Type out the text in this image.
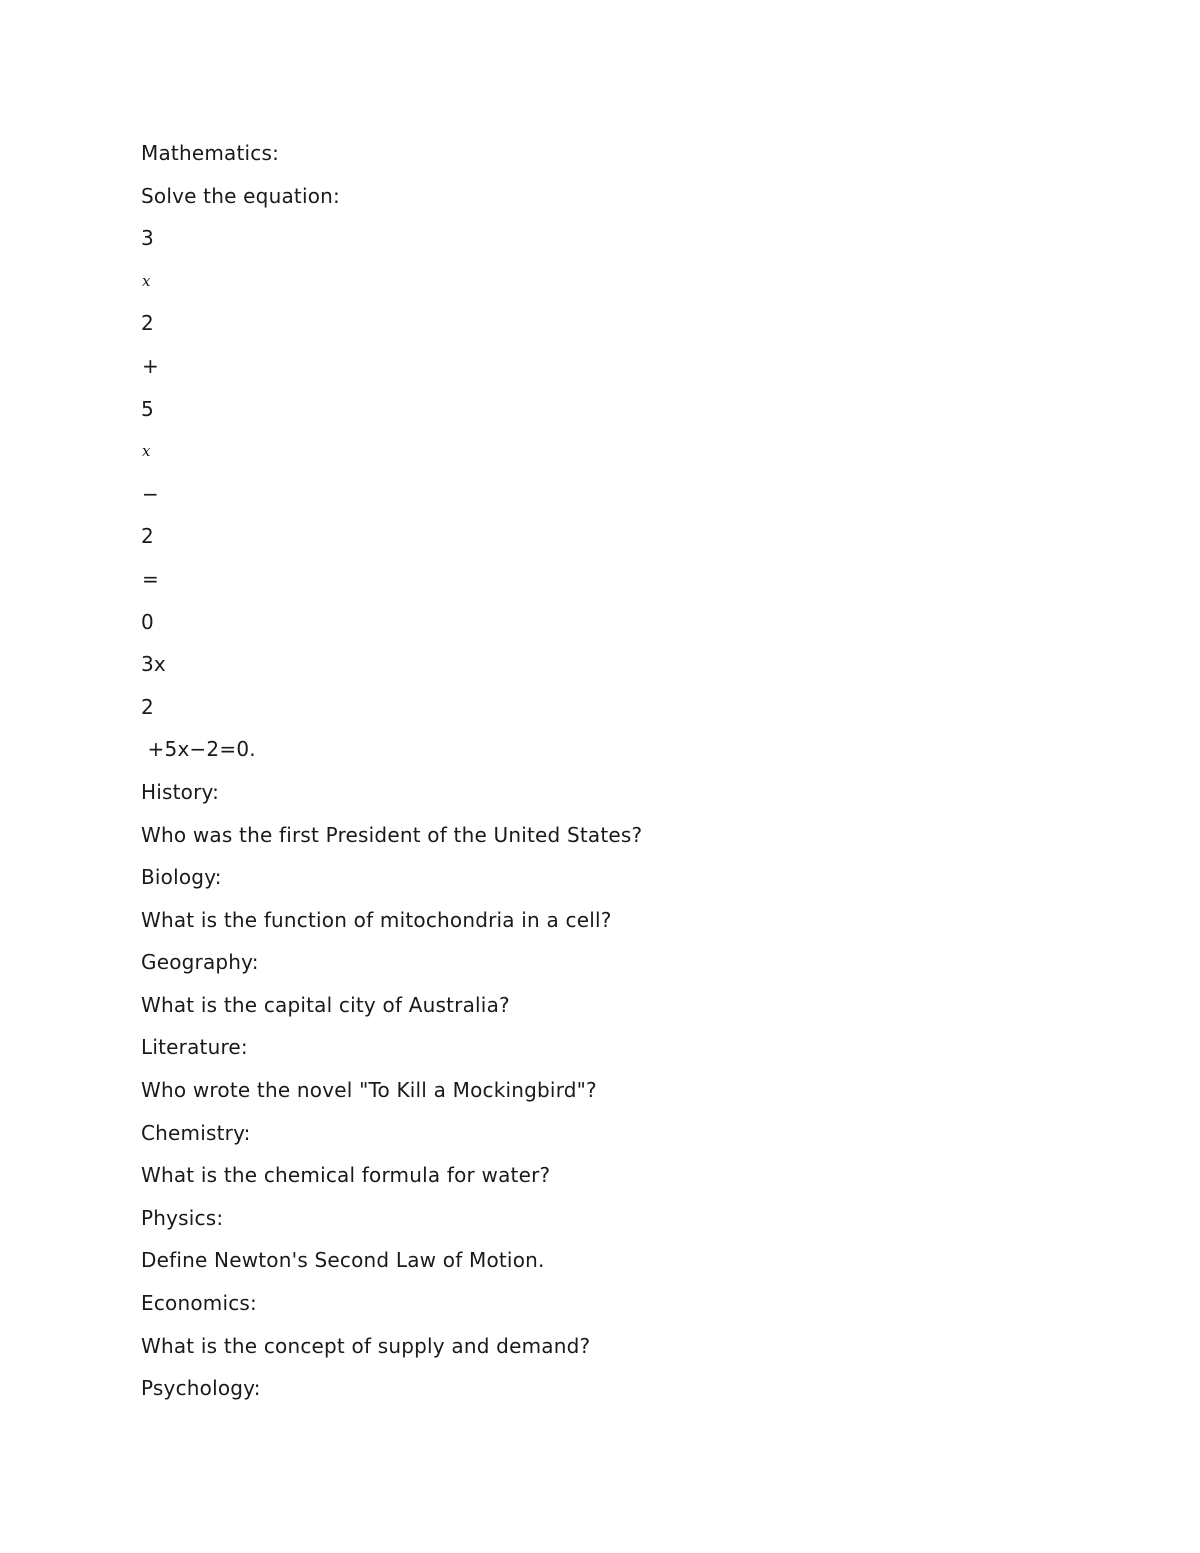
Mathematics:
Solve the equation:
3
x
2
+
5
x
−
2
=
0
3x
2
+5x−2=0.
History:
Who was the first President of the United States?
Biology:
What is the function of mitochondria in a cell?
Geography:
What is the capital city of Australia?
Literature:
Who wrote the novel "To Kill a Mockingbird"?
Chemistry:
What is the chemical formula for water?
Physics:
Define Newton's Second Law of Motion.
Economics:
What is the concept of supply and demand?
Psychology:
